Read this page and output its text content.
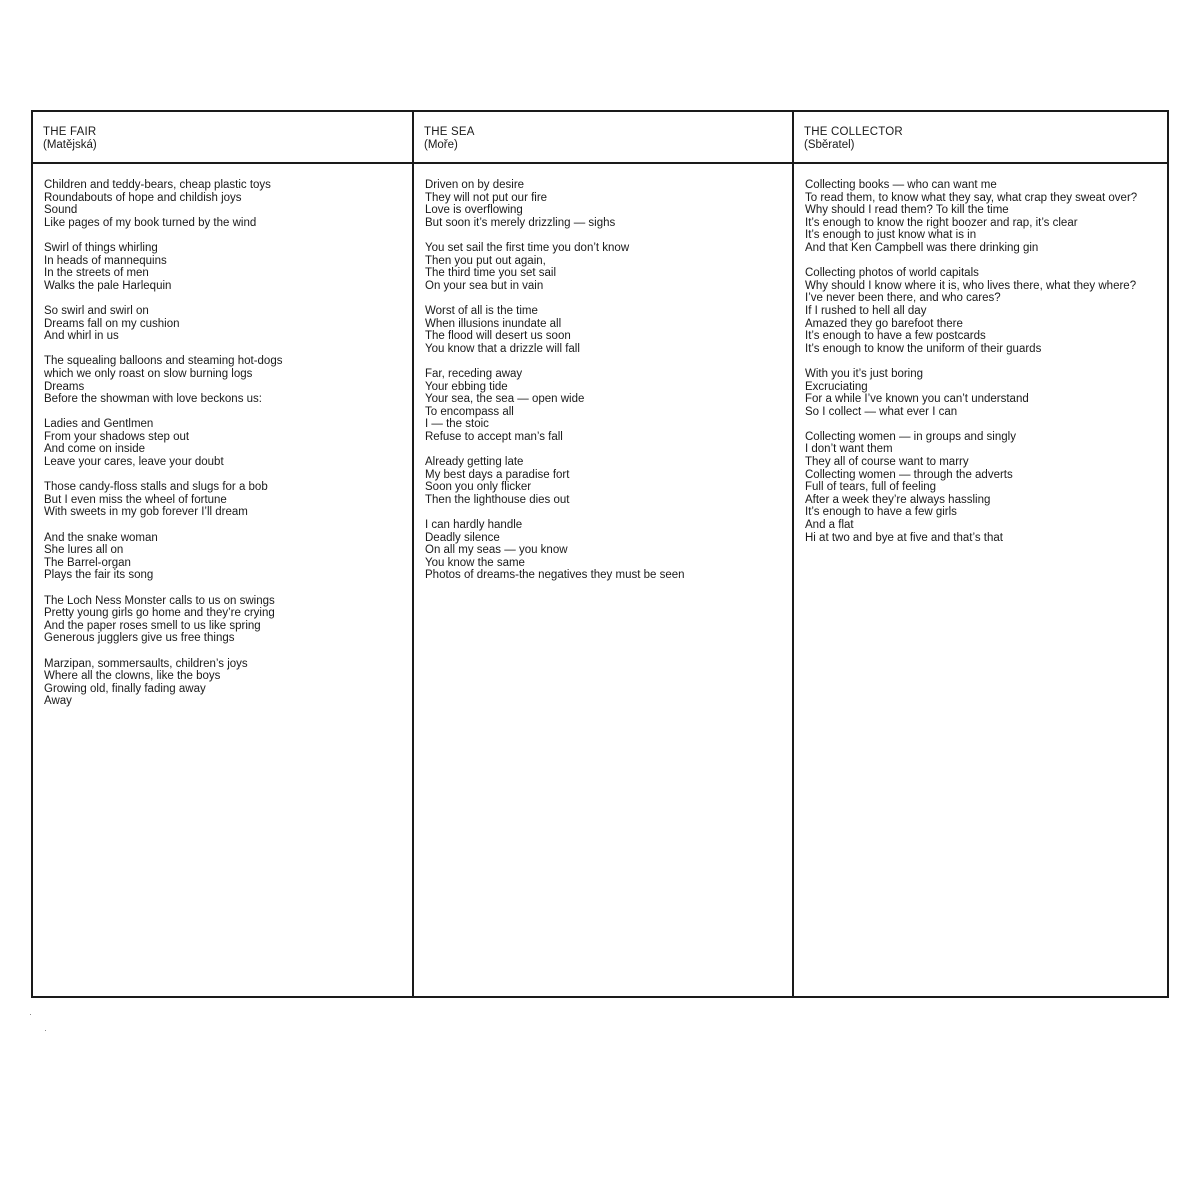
THE FAIR
(Matějská)
Children and teddy-bears, cheap plastic toys
Roundabouts of hope and childish joys
Sound
Like pages of my book turned by the wind
Swirl of things whirling
In heads of mannequins
In the streets of men
Walks the pale Harlequin
So swirl and swirl on
Dreams fall on my cushion
And whirl in us
The squealing balloons and steaming hot-dogs
which we only roast on slow burning logs
Dreams
Before the showman with love beckons us:
Ladies and Gentlmen
From your shadows step out
And come on inside
Leave your cares, leave your doubt
Those candy-floss stalls and slugs for a bob
But I even miss the wheel of fortune
With sweets in my gob forever I’ll dream
And the snake woman
She lures all on
The Barrel-organ
Plays the fair its song
The Loch Ness Monster calls to us on swings
Pretty young girls go home and they’re crying
And the paper roses smell to us like spring
Generous jugglers give us free things
Marzipan, sommersaults, children’s joys
Where all the clowns, like the boys
Growing old, finally fading away
Away
THE SEA
(Moře)
Driven on by desire
They will not put our fire
Love is overflowing
But soon it’s merely drizzling — sighs
You set sail the first time you don’t know
Then you put out again,
The third time you set sail
On your sea but in vain
Worst of all is the time
When illusions inundate all
The flood will desert us soon
You know that a drizzle will fall
Far, receding away
Your ebbing tide
Your sea, the sea — open wide
To encompass all
I — the stoic
Refuse to accept man’s fall
Already getting late
My best days a paradise fort
Soon you only flicker
Then the lighthouse dies out
I can hardly handle
Deadly silence
On all my seas — you know
You know the same
Photos of dreams-the negatives they must be seen
THE COLLECTOR
(Sběratel)
Collecting books — who can want me
To read them, to know what they say, what crap they sweat over?
Why should I read them? To kill the time
It’s enough to know the right boozer and rap, it’s clear
It’s enough to just know what is in
And that Ken Campbell was there drinking gin
Collecting photos of world capitals
Why should I know where it is, who lives there, what they where?
I’ve never been there, and who cares?
If I rushed to hell all day
Amazed they go barefoot there
It’s enough to have a few postcards
It’s enough to know the uniform of their guards
With you it’s just boring
Excruciating
For a while I’ve known you can’t understand
So I collect — what ever I can
Collecting women — in groups and singly
I don’t want them
They all of course want to marry
Collecting women — through the adverts
Full of tears, full of feeling
After a week they’re always hassling
It’s enough to have a few girls
And a flat
Hi at two and bye at five and that’s that
